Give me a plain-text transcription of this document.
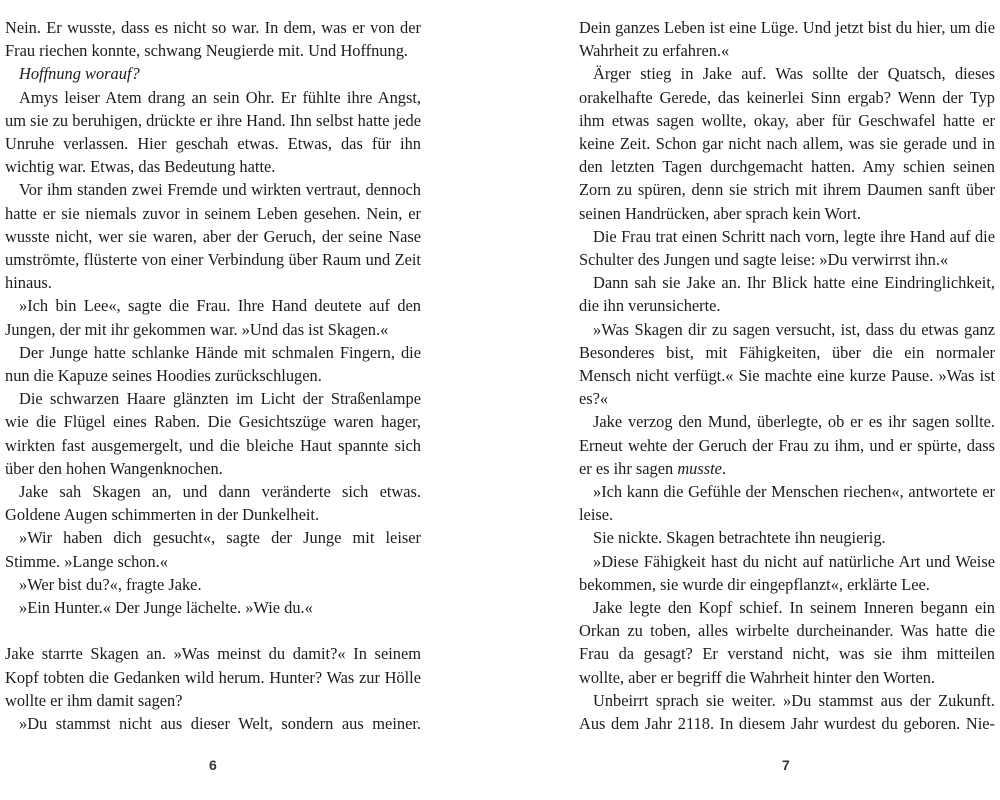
Nein. Er wusste, dass es nicht so war. In dem, was er von der Frau riechen konnte, schwang Neugierde mit. Und Hoffnung.

Hoffnung worauf?

Amys leiser Atem drang an sein Ohr. Er fühlte ihre Angst, um sie zu beruhigen, drückte er ihre Hand. Ihn selbst hatte jede Unruhe verlassen. Hier geschah etwas. Etwas, das für ihn wichtig war. Etwas, das Bedeutung hatte.

Vor ihm standen zwei Fremde und wirkten vertraut, dennoch hatte er sie niemals zuvor in seinem Leben gesehen. Nein, er wusste nicht, wer sie waren, aber der Geruch, der seine Nase umströmte, flüsterte von einer Verbindung über Raum und Zeit hinaus.

»Ich bin Lee«, sagte die Frau. Ihre Hand deutete auf den Jungen, der mit ihr gekommen war. »Und das ist Skagen.«

Der Junge hatte schlanke Hände mit schmalen Fingern, die nun die Kapuze seines Hoodies zurückschlugen.

Die schwarzen Haare glänzten im Licht der Straßenlampe wie die Flügel eines Raben. Die Gesichtszüge waren hager, wirkten fast ausgemergelt, und die bleiche Haut spannte sich über den hohen Wangenknochen.

Jake sah Skagen an, und dann veränderte sich etwas. Goldene Augen schimmerten in der Dunkelheit.

»Wir haben dich gesucht«, sagte der Junge mit leiser Stimme. »Lange schon.«

»Wer bist du?«, fragte Jake.

»Ein Hunter.« Der Junge lächelte. »Wie du.«

Jake starrte Skagen an. »Was meinst du damit?« In seinem Kopf tobten die Gedanken wild herum. Hunter? Was zur Hölle wollte er ihm damit sagen?

»Du stammst nicht aus dieser Welt, sondern aus meiner.

Dein ganzes Leben ist eine Lüge. Und jetzt bist du hier, um die Wahrheit zu erfahren.«

Ärger stieg in Jake auf. Was sollte der Quatsch, dieses orakelhafte Gerede, das keinerlei Sinn ergab? Wenn der Typ ihm etwas sagen wollte, okay, aber für Geschwafel hatte er keine Zeit. Schon gar nicht nach allem, was sie gerade und in den letzten Tagen durchgemacht hatten. Amy schien seinen Zorn zu spüren, denn sie strich mit ihrem Daumen sanft über seinen Handrücken, aber sprach kein Wort.

Die Frau trat einen Schritt nach vorn, legte ihre Hand auf die Schulter des Jungen und sagte leise: »Du verwirrst ihn.«

Dann sah sie Jake an. Ihr Blick hatte eine Eindringlichkeit, die ihn verunsicherte.

»Was Skagen dir zu sagen versucht, ist, dass du etwas ganz Besonderes bist, mit Fähigkeiten, über die ein normaler Mensch nicht verfügt.« Sie machte eine kurze Pause. »Was ist es?«

Jake verzog den Mund, überlegte, ob er es ihr sagen sollte. Erneut wehte der Geruch der Frau zu ihm, und er spürte, dass er es ihr sagen musste.

»Ich kann die Gefühle der Menschen riechen«, antwortete er leise.

Sie nickte. Skagen betrachtete ihn neugierig.

»Diese Fähigkeit hast du nicht auf natürliche Art und Weise bekommen, sie wurde dir eingepflanzt«, erklärte Lee.

Jake legte den Kopf schief. In seinem Inneren begann ein Orkan zu toben, alles wirbelte durcheinander. Was hatte die Frau da gesagt? Er verstand nicht, was sie ihm mitteilen wollte, aber er begriff die Wahrheit hinter den Worten.

Unbeirrt sprach sie weiter. »Du stammst aus der Zukunft. Aus dem Jahr 2118. In diesem Jahr wurdest du geboren. Nie-

6	7
